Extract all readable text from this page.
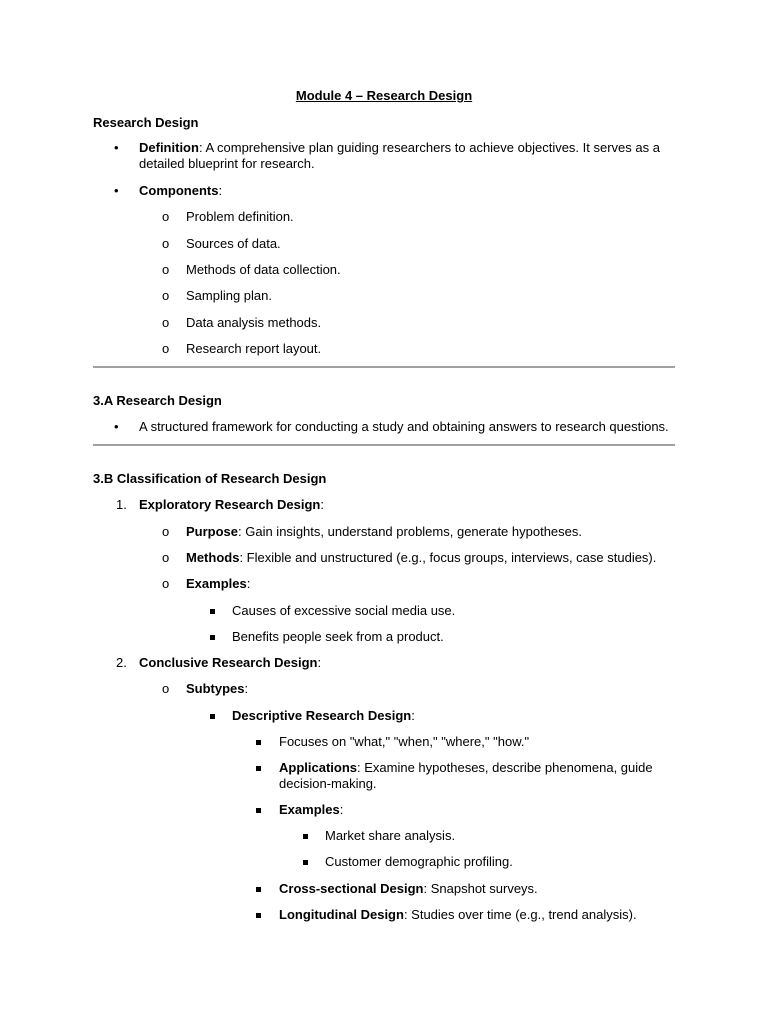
Module 4 – Research Design
Research Design
• Definition: A comprehensive plan guiding researchers to achieve objectives. It serves as a
detailed blueprint for research.
• Components:
o Problem definition.
o Sources of data.
o Methods of data collection.
o Sampling plan.
o Data analysis methods.
o Research report layout.
3.A Research Design
• A structured framework for conducting a study and obtaining answers to research questions.
3.B Classification of Research Design
1. Exploratory Research Design:
o Purpose: Gain insights, understand problems, generate hypotheses.
o Methods: Flexible and unstructured (e.g., focus groups, interviews, case studies).
o Examples:
Causes of excessive social media use.
Benefits people seek from a product.
2. Conclusive Research Design:
o Subtypes:
Descriptive Research Design:
Focuses on "what," "when," "where," "how."
Applications: Examine hypotheses, describe phenomena, guide
decision-making.
Examples:
Market share analysis.
Customer demographic profiling.
Cross-sectional Design: Snapshot surveys.
Longitudinal Design: Studies over time (e.g., trend analysis).
